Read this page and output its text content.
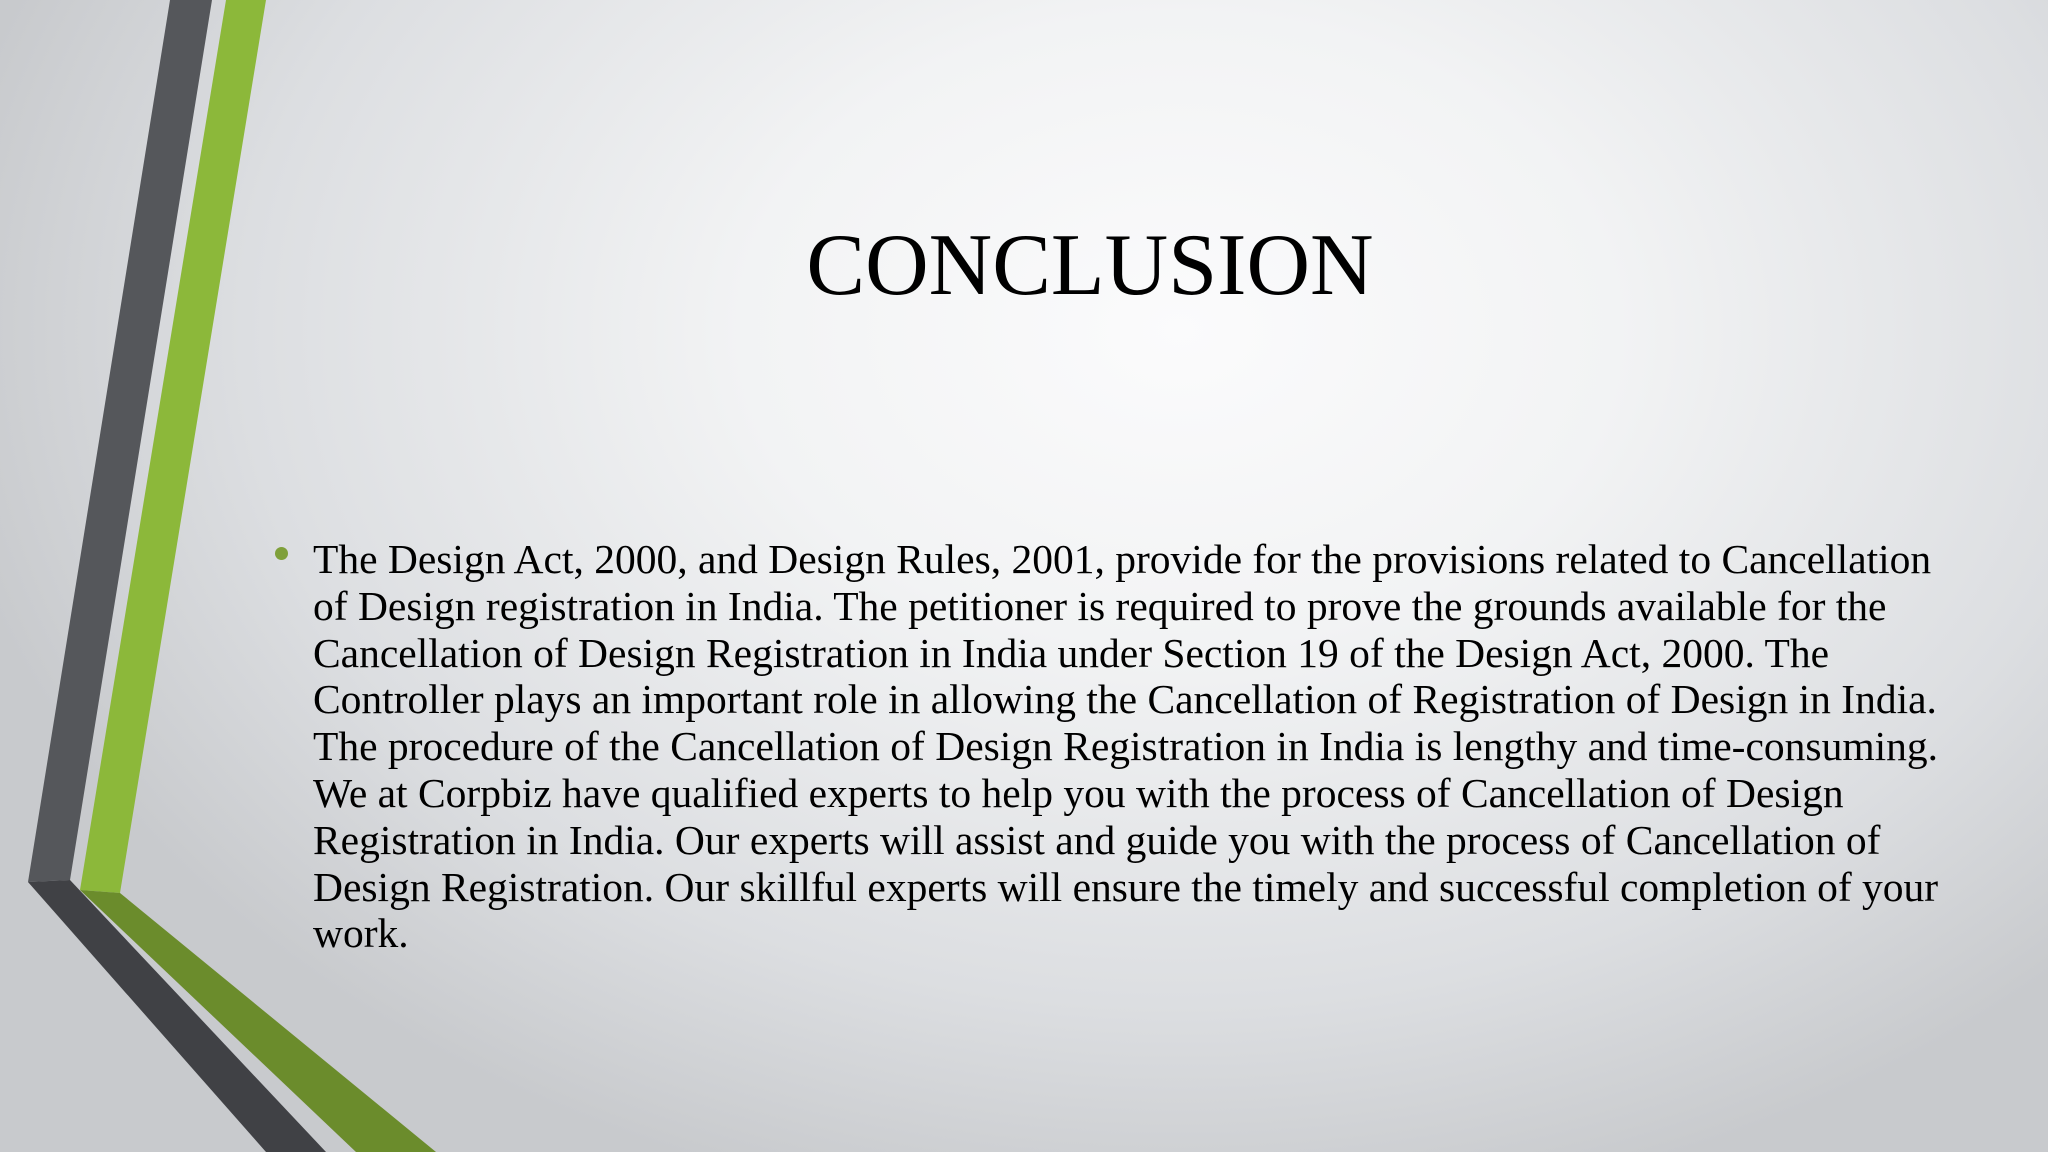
CONCLUSION
The Design Act, 2000, and Design Rules, 2001, provide for the provisions related to Cancellation of Design registration in India. The petitioner is required to prove the grounds available for the Cancellation of Design Registration in India under Section 19 of the Design Act, 2000. The Controller plays an important role in allowing the Cancellation of Registration of Design in India. The procedure of the Cancellation of Design Registration in India is lengthy and time-consuming. We at Corpbiz have qualified experts to help you with the process of Cancellation of Design Registration in India. Our experts will assist and guide you with the process of Cancellation of Design Registration. Our skillful experts will ensure the timely and successful completion of your work.
